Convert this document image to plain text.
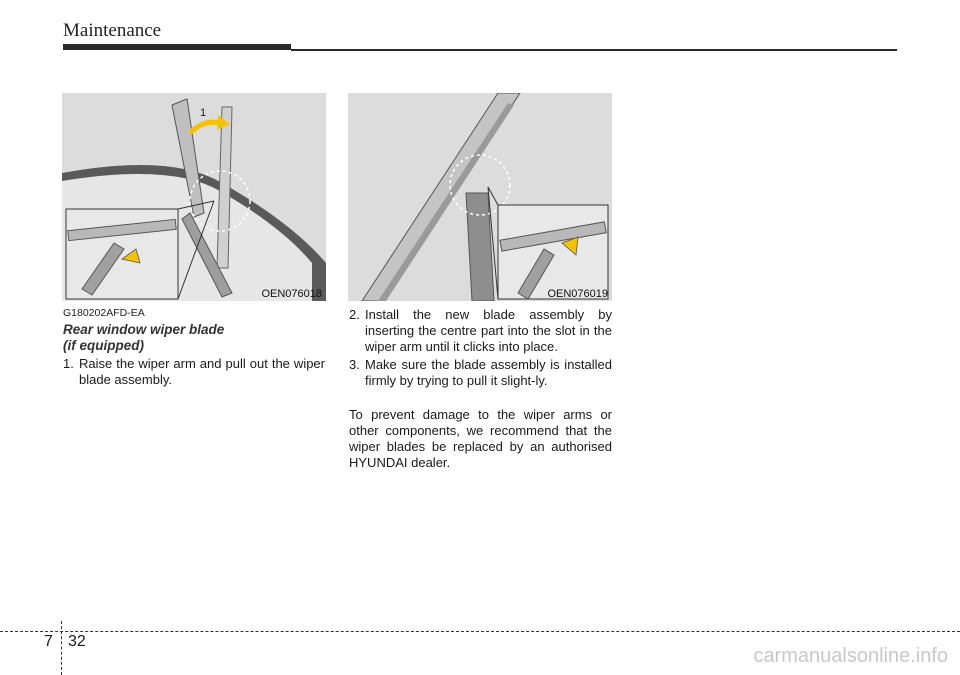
Maintenance
1
OEN076018	OEN076019
G180202AFD-EA
Rear window wiper blade
(if equipped)
1. Raise the wiper arm and pull out the wiper blade assembly.
2. Install the new blade assembly by inserting the centre part into the slot in the wiper arm until it clicks into place.
3. Make sure the blade assembly is installed firmly by trying to pull it slight-ly.
To prevent damage to the wiper arms or other components, we recommend that the wiper blades be replaced by an authorised HYUNDAI dealer.
7 32
carmanualsonline.info
